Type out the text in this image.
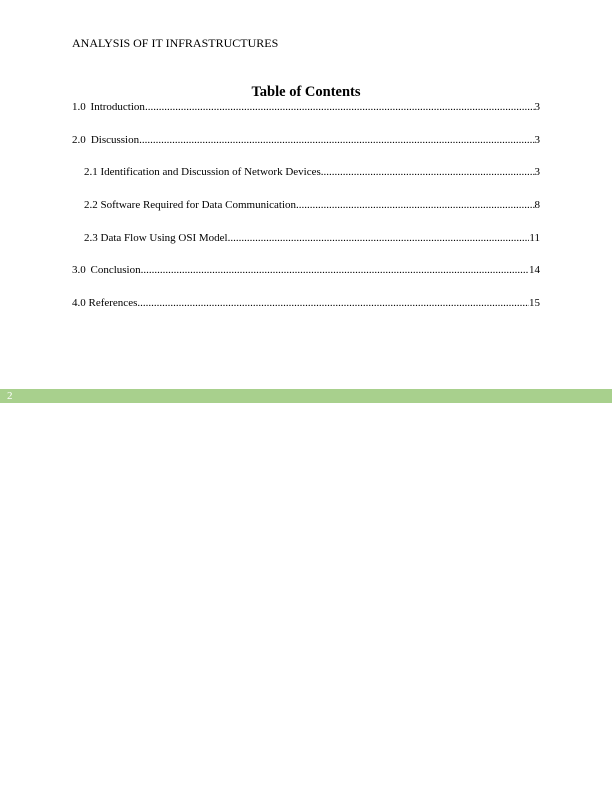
ANALYSIS OF IT INFRASTRUCTURES
Table of Contents
1.0 Introduction .....	3
2.0 Discussion .....	3
2.1 Identification and Discussion of Network Devices .....	3
2.2 Software Required for Data Communication .....	8
2.3 Data Flow Using OSI Model .....	11
3.0 Conclusion .....	14
4.0 References .....	15
2
